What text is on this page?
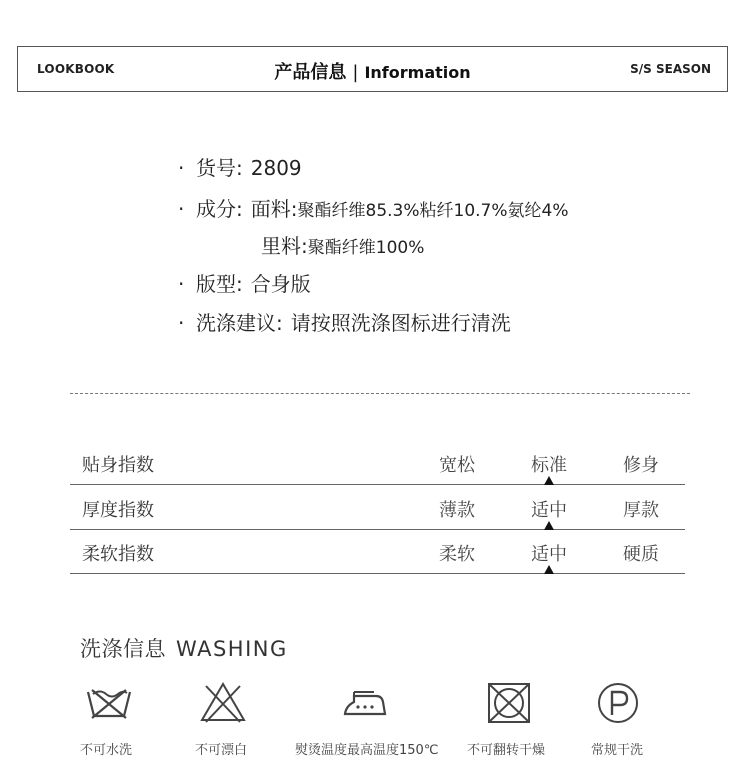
LOOKBOOK	产品信息 | Information	S/S SEASON
· 货号: 2809
· 成分: 面料:聚酯纤维85.3%粘纤10.7%氨纶4%
里料:聚酯纤维100%
· 版型: 合身版
· 洗涤建议: 请按照洗涤图标进行清洗
贴身指数	宽松	标准	修身
厚度指数	薄款	适中	厚款
柔软指数	柔软	适中	硬质
洗涤信息 WASHING
不可水洗	不可漂白	熨烫温度最高温度150℃ 不可翻转干燥	常规干洗
